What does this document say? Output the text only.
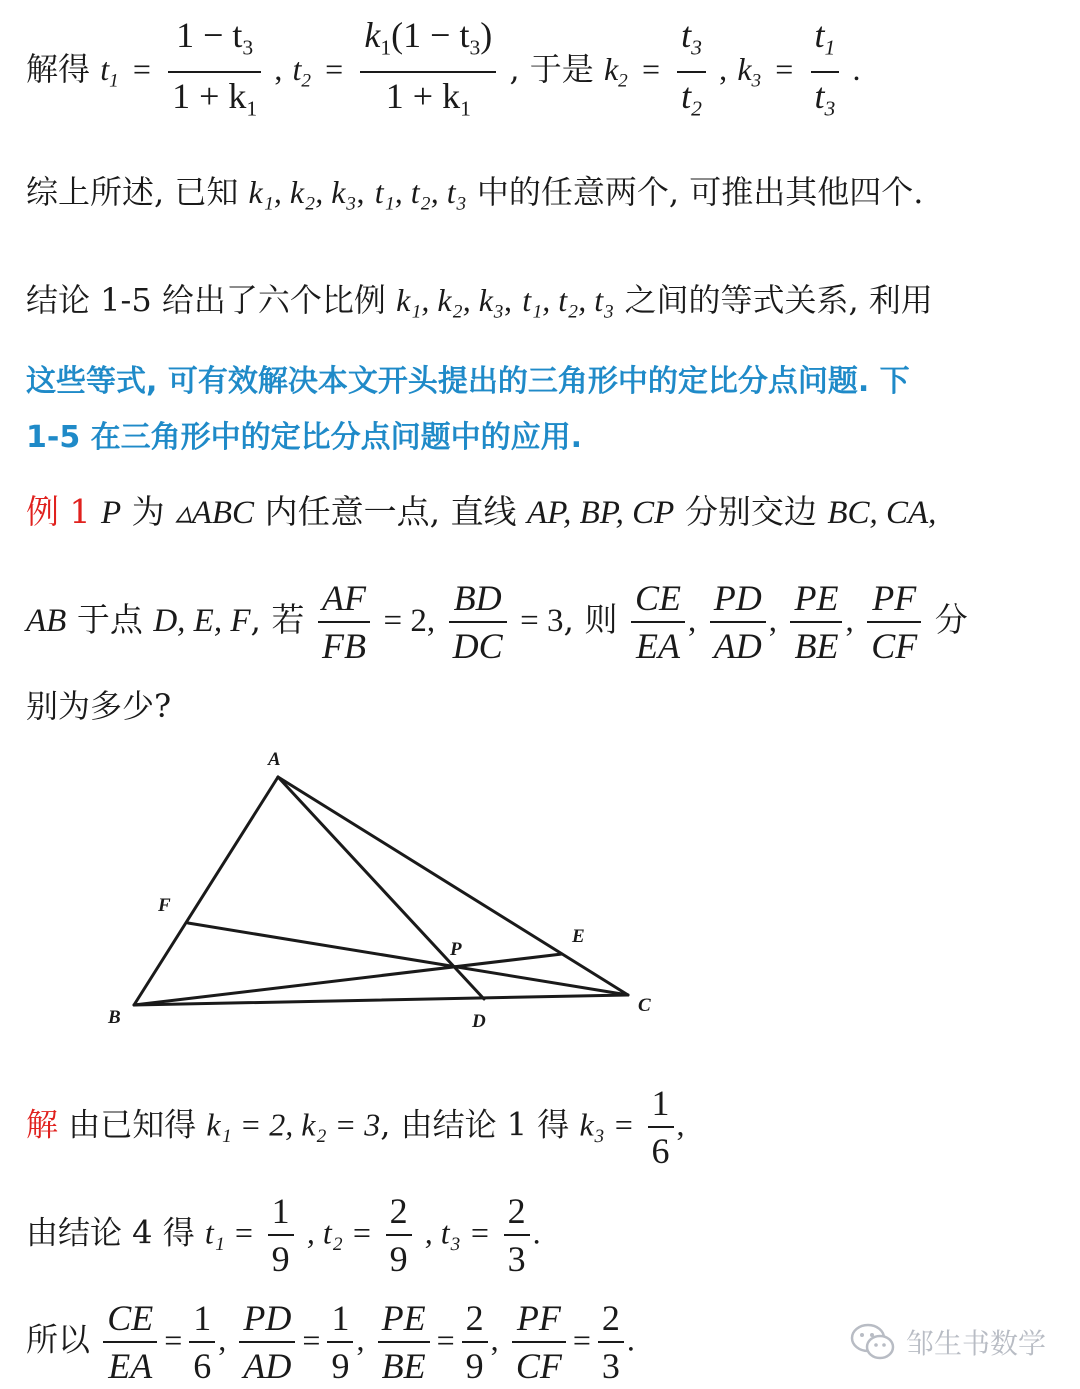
解得 $t_1 = \frac{1 - t_3}{1 + k_1}$ , $t_2 = \frac{k_1(1 - t_3)}{1 + k_1}$ , 于是 $k_2 = \frac{t_3}{t_2}$ , $k_3 = \frac{t_1}{t_3}$ .
综上所述, 已知 k₁, k₂, k₃, t₁, t₂, t₃ 中的任意两个, 可推出其他四个.
结论 1-5 给出了六个比例 k₁, k₂, k₃, t₁, t₂, t₃ 之间的等式关系, 利用
这些等式, 可有效解决本文开头提出的三角形中的定比分点问题. 下
1-5 在三角形中的定比分点问题中的应用.
例 1 P 为 ▵ABC 内任意一点, 直线 AP, BP, CP 分别交边 BC, CA,
AB 于点 D, E, F, 若 $\frac{AF}{FB} = 2$, $\frac{BD}{DC} = 3$, 则 $\frac{CE}{EA}$ , $\frac{PD}{AD}$ , $\frac{PE}{BE}$ , $\frac{PF}{CF}$ 分
别为多少?
A
B
C
D
E
F
P
解 由已知得 k₁ = 2, k₂ = 3, 由结论 1 得 $k_3 = \frac{1}{6}$ ,
由结论 4 得 $t_1 = \frac{1}{9}$ , $t_2 = \frac{2}{9}$ , $t_3 = \frac{2}{3}$ .
所以 $\frac{CE}{EA} = \frac{1}{6}$ , $\frac{PD}{AD} = \frac{1}{9}$ , $\frac{PE}{BE} = \frac{2}{9}$ , $\frac{PF}{CF} = \frac{2}{3}$ .	邹生书数学
